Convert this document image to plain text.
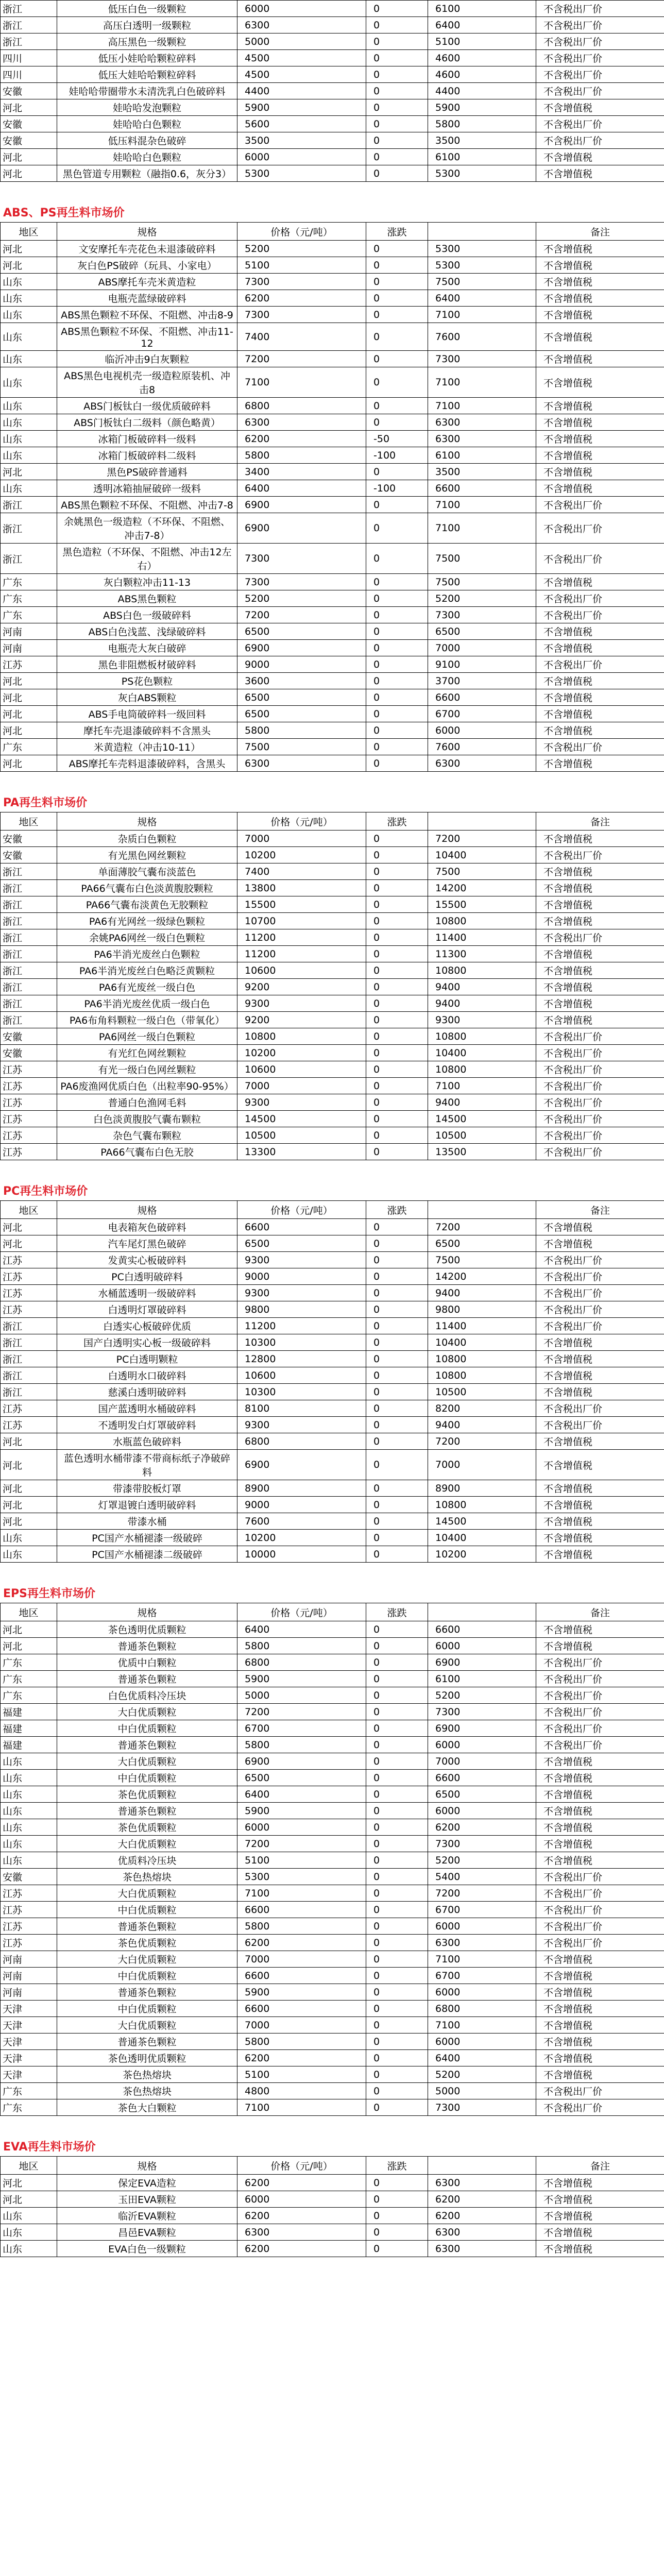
浙江	低压白色一级颗粒	6000	0	6100	不含税出厂价
浙江	高压白透明一级颗粒	6300	0	6400	不含税出厂价
浙江	高压黑色一级颗粒	5000	0	5100	不含税出厂价
四川	低压小娃哈哈颗粒碎料	4500	0	4600	不含税出厂价
四川	低压大娃哈哈颗粒碎料	4500	0	4600	不含税出厂价
安徽	娃哈哈带圈带水未清洗乳白色破碎料	4400	0	4400	不含税出厂价
河北	娃哈哈发泡颗粒	5900	0	5900	不含增值税
安徽	娃哈哈白色颗粒	5600	0	5800	不含税出厂价
安徽	低压料混杂色破碎	3500	0	3500	不含税出厂价
河北	娃哈哈白色颗粒	6000	0	6100	不含增值税
河北	黑色管道专用颗粒（融指0.6，灰分3）	5300	0	5300	不含增值税
ABS、PS再生料市场价
地区	规格	价格（元/吨）	涨跌		备注
河北	文安摩托车壳花色未退漆破碎料	5200	0	5300	不含增值税
河北	灰白色PS破碎（玩具、小家电）	5100	0	5300	不含增值税
山东	ABS摩托车壳米黄造粒	7300	0	7500	不含增值税
山东	电瓶壳蓝绿破碎料	6200	0	6400	不含增值税
山东	ABS黑色颗粒不环保、不阻燃、冲击8-9	7300	0	7100	不含增值税
山东	ABS黑色颗粒不环保、不阻燃、冲击11-12	7400	0	7600	不含增值税
山东	临沂冲击9白灰颗粒	7200	0	7300	不含增值税
山东	ABS黑色电视机壳一级造粒原装机、冲击8	7100	0	7100	不含增值税
山东	ABS门板钛白一级优质破碎料	6800	0	7100	不含增值税
山东	ABS门板钛白二级料（颜色略黄）	6300	0	6300	不含增值税
山东	冰箱门板破碎料一级料	6200	-50	6300	不含增值税
山东	冰箱门板破碎料二级料	5800	-100	6100	不含增值税
河北	黑色PS破碎普通料	3400	0	3500	不含增值税
山东	透明冰箱抽屉破碎一级料	6400	-100	6600	不含增值税
浙江	ABS黑色颗粒不环保、不阻燃、冲击7-8	6900	0	7100	不含税出厂价
浙江	余姚黑色一级造粒（不环保、不阻燃、冲击7-8）	6900	0	7100	不含税出厂价
浙江	黑色造粒（不环保、不阻燃、冲击12左右）	7300	0	7500	不含税出厂价
广东	灰白颗粒冲击11-13	7300	0	7500	不含增值税
广东	ABS黑色颗粒	5200	0	5200	不含税出厂价
广东	ABS白色一级破碎料	7200	0	7300	不含税出厂价
河南	ABS白色浅蓝、浅绿破碎料	6500	0	6500	不含增值税
河南	电瓶壳大灰白破碎	6900	0	7000	不含增值税
江苏	黑色非阻燃板材破碎料	9000	0	9100	不含税出厂价
河北	PS花色颗粒	3600	0	3700	不含增值税
河北	灰白ABS颗粒	6500	0	6600	不含增值税
河北	ABS手电筒破碎料一级回料	6500	0	6700	不含增值税
河北	摩托车壳退漆破碎料不含黑头	5800	0	6000	不含增值税
广东	米黄造粒（冲击10-11）	7500	0	7600	不含税出厂价
河北	ABS摩托车壳料退漆破碎料，含黑头	6300	0	6300	不含增值税
PA再生料市场价
地区	规格	价格（元/吨）	涨跌		备注
安徽	杂质白色颗粒	7000	0	7200	不含增值税
安徽	有光黑色网丝颗粒	10200	0	10400	不含税出厂价
浙江	单面薄胶气囊布淡蓝色	7400	0	7500	不含增值税
浙江	PA66气囊布白色淡黄腹胶颗粒	13800	0	14200	不含增值税
浙江	PA66气囊布淡黄色无胶颗粒	15500	0	15500	不含增值税
浙江	PA6有光网丝一级绿色颗粒	10700	0	10800	不含增值税
浙江	余姚PA6网丝一级白色颗粒	11200	0	11400	不含税出厂价
浙江	PA6半消光废丝白色颗粒	11200	0	11300	不含增值税
浙江	PA6半消光废丝白色略泛黄颗粒	10600	0	10800	不含增值税
浙江	PA6有光废丝一级白色	9200	0	9400	不含增值税
浙江	PA6半消光废丝优质一级白色	9300	0	9400	不含增值税
浙江	PA6布角料颗粒一级白色（带氧化）	9200	0	9300	不含增值税
安徽	PA6网丝一级白色颗粒	10800	0	10800	不含税出厂价
安徽	有光红色网丝颗粒	10200	0	10400	不含税出厂价
江苏	有光一级白色网丝颗粒	10600	0	10800	不含税出厂价
江苏	PA6废渔网优质白色（出粒率90-95%）	7000	0	7100	不含税出厂价
江苏	普通白色渔网毛料	9300	0	9400	不含税出厂价
江苏	白色淡黄腹胶气囊布颗粒	14500	0	14500	不含税出厂价
江苏	杂色气囊布颗粒	10500	0	10500	不含税出厂价
江苏	PA66气囊布白色无胶	13300	0	13500	不含税出厂价
PC再生料市场价
地区	规格	价格（元/吨）	涨跌		备注
河北	电表箱灰色破碎料	6600	0	7200	不含增值税
河北	汽车尾灯黑色破碎	6500	0	6500	不含增值税
江苏	发黄实心板破碎料	9300	0	7500	不含税出厂价
江苏	PC白透明破碎料	9000	0	14200	不含税出厂价
江苏	水桶蓝透明一级破碎料	9300	0	9400	不含税出厂价
江苏	白透明灯罩破碎料	9800	0	9800	不含税出厂价
浙江	白透实心板破碎优质	11200	0	11400	不含税出厂价
浙江	国产白透明实心板一级破碎料	10300	0	10400	不含增值税
浙江	PC白透明颗粒	12800	0	10800	不含增值税
浙江	白透明水口破碎料	10600	0	10800	不含增值税
浙江	慈溪白透明破碎料	10300	0	10500	不含增值税
江苏	国产蓝透明水桶破碎料	8100	0	8200	不含税出厂价
江苏	不透明发白灯罩破碎料	9300	0	9400	不含税出厂价
河北	水瓶蓝色破碎料	6800	0	7200	不含增值税
河北	蓝色透明水桶带漆不带商标纸子净破碎料	6900	0	7000	不含增值税
河北	带漆带胶板灯罩	8900	0	8900	不含增值税
河北	灯罩退镀白透明破碎料	9000	0	10800	不含增值税
河北	带漆水桶	7600	0	14500	不含增值税
山东	PC国产水桶褪漆一级破碎	10200	0	10400	不含增值税
山东	PC国产水桶褪漆二级破碎	10000	0	10200	不含增值税
EPS再生料市场价
地区	规格	价格（元/吨）	涨跌		备注
河北	茶色透明优质颗粒	6400	0	6600	不含增值税
河北	普通茶色颗粒	5800	0	6000	不含增值税
广东	优质中白颗粒	6800	0	6900	不含税出厂价
广东	普通茶色颗粒	5900	0	6100	不含税出厂价
广东	白色优质料冷压块	5000	0	5200	不含税出厂价
福建	大白优质颗粒	7200	0	7300	不含税出厂价
福建	中白优质颗粒	6700	0	6900	不含税出厂价
福建	普通茶色颗粒	5800	0	6000	不含税出厂价
山东	大白优质颗粒	6900	0	7000	不含增值税
山东	中白优质颗粒	6500	0	6600	不含增值税
山东	茶色优质颗粒	6400	0	6500	不含增值税
山东	普通茶色颗粒	5900	0	6000	不含增值税
山东	茶色优质颗粒	6000	0	6200	不含增值税
山东	大白优质颗粒	7200	0	7300	不含增值税
山东	优质料冷压块	5100	0	5200	不含增值税
安徽	茶色热熔块	5300	0	5400	不含税出厂价
江苏	大白优质颗粒	7100	0	7200	不含税出厂价
江苏	中白优质颗粒	6600	0	6700	不含税出厂价
江苏	普通茶色颗粒	5800	0	6000	不含税出厂价
江苏	茶色优质颗粒	6200	0	6300	不含税出厂价
河南	大白优质颗粒	7000	0	7100	不含增值税
河南	中白优质颗粒	6600	0	6700	不含增值税
河南	普通茶色颗粒	5900	0	6000	不含增值税
天津	中白优质颗粒	6600	0	6800	不含增值税
天津	大白优质颗粒	7000	0	7100	不含增值税
天津	普通茶色颗粒	5800	0	6000	不含增值税
天津	茶色透明优质颗粒	6200	0	6400	不含增值税
天津	茶色热熔块	5100	0	5200	不含增值税
广东	茶色热熔块	4800	0	5000	不含税出厂价
广东	茶色大白颗粒	7100	0	7300	不含税出厂价
EVA再生料市场价
地区	规格	价格（元/吨）	涨跌		备注
河北	保定EVA造粒	6200	0	6300	不含增值税
河北	玉田EVA颗粒	6000	0	6200	不含增值税
山东	临沂EVA颗粒	6200	0	6200	不含增值税
山东	昌邑EVA颗粒	6300	0	6300	不含增值税
山东	EVA白色一级颗粒	6200	0	6300	不含增值税
